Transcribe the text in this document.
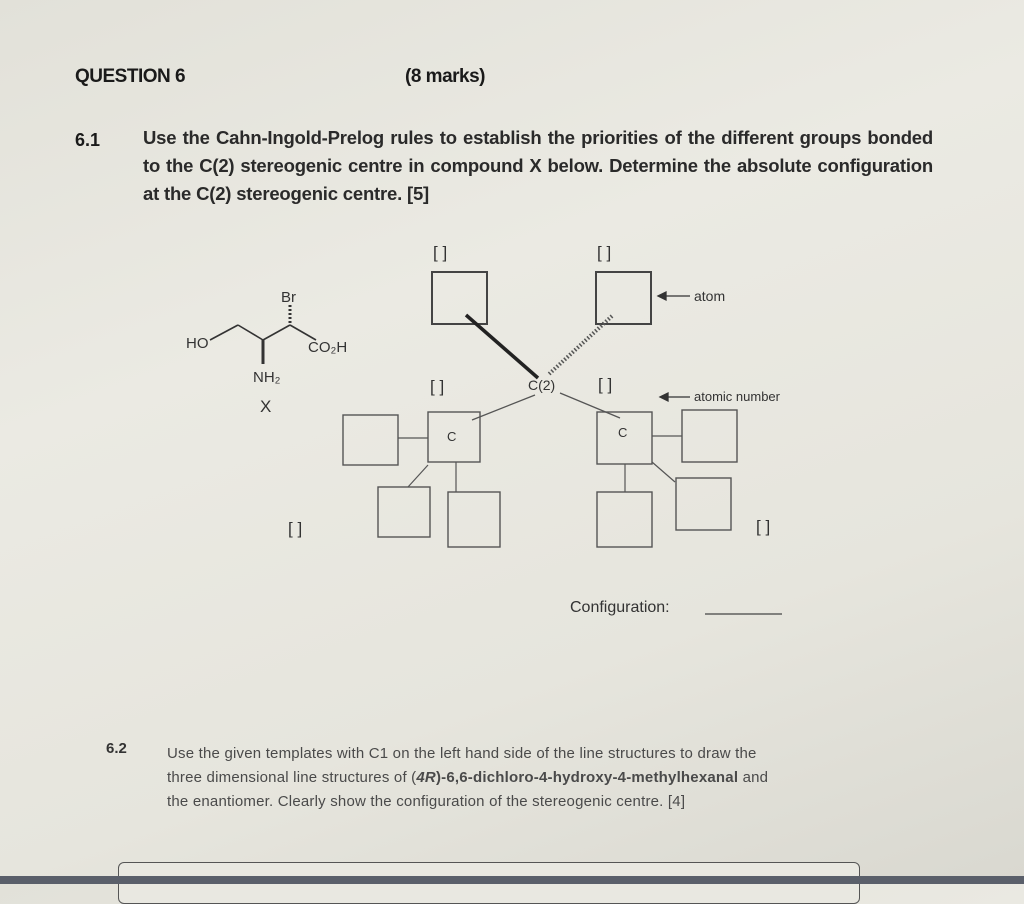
QUESTION 6	(8 marks)
6.1 Use the Cahn-Ingold-Prelog rules to establish the priorities of the different groups bonded to the C(2) stereogenic centre in compound X below. Determine the absolute configuration at the C(2) stereogenic centre. [5]
Br
HO	CO₂H
NH₂
X
[ ]	[ ]
C(2)
[ ]	[ ]
atom
atomic number
C
[ ]
C
[ ]
Configuration:
6.2	Use the given templates with C1 on the left hand side of the line structures to draw the
three dimensional line structures of (4R)-6,6-dichloro-4-hydroxy-4-methylhexanal and
the enantiomer. Clearly show the configuration of the stereogenic centre. [4]
